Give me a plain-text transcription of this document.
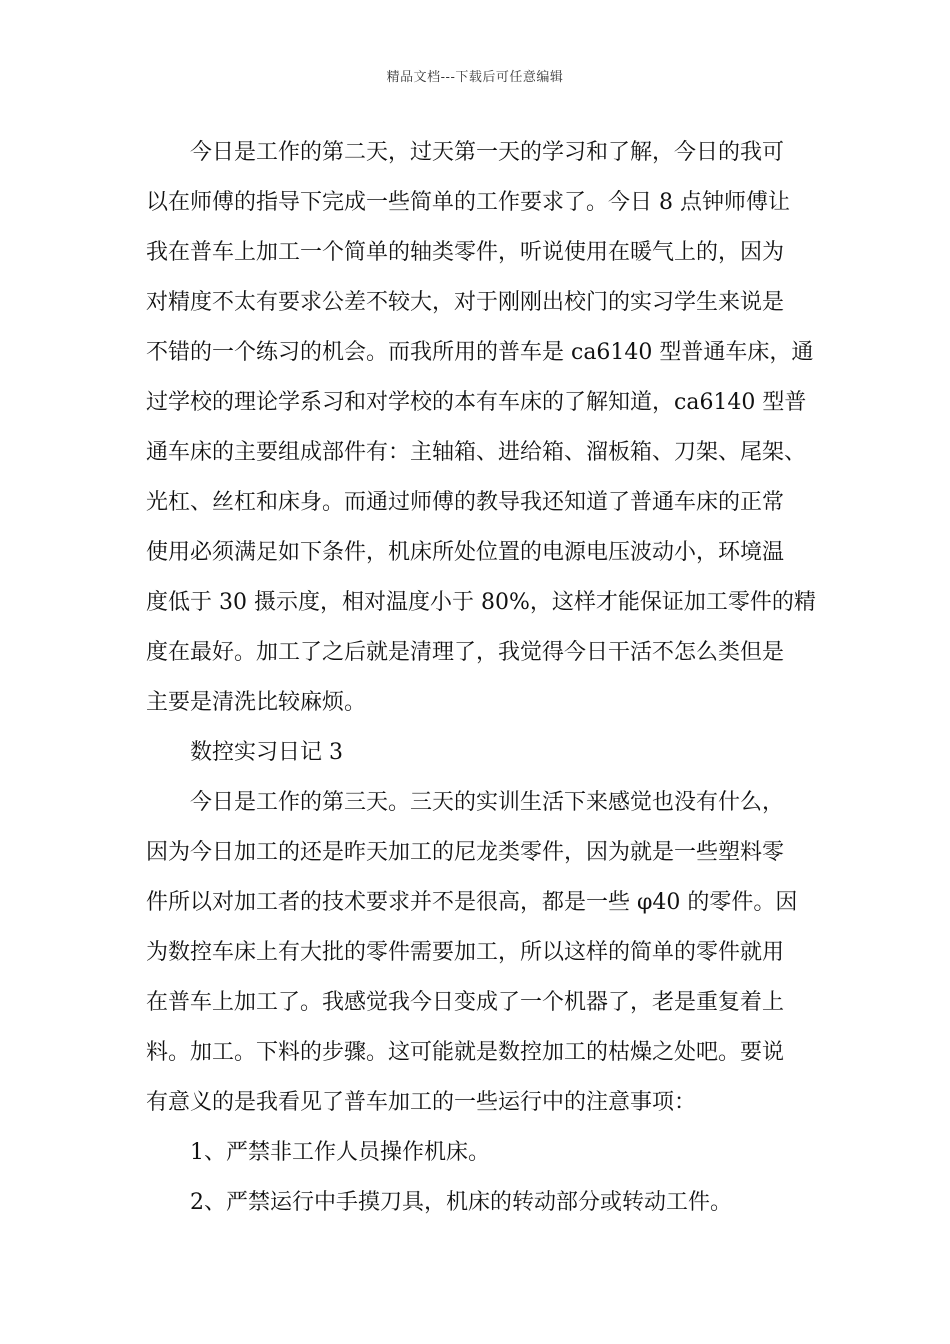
精品文档---下载后可任意编辑
今日是工作的第二天，过天第一天的学习和了解，今日的我可
以在师傅的指导下完成一些简单的工作要求了。今日 8 点钟师傅让
我在普车上加工一个简单的轴类零件，听说使用在暖气上的，因为
对精度不太有要求公差不较大，对于刚刚出校门的实习学生来说是
不错的一个练习的机会。而我所用的普车是 ca6140 型普通车床，通
过学校的理论学系习和对学校的本有车床的了解知道，ca6140 型普
通车床的主要组成部件有：主轴箱、进给箱、溜板箱、刀架、尾架、
光杠、丝杠和床身。而通过师傅的教导我还知道了普通车床的正常
使用必须满足如下条件，机床所处位置的电源电压波动小，环境温
度低于 30 摄示度，相对温度小于 80%，这样才能保证加工零件的精
度在最好。加工了之后就是清理了，我觉得今日干活不怎么类但是
主要是清洗比较麻烦。
数控实习日记 3
今日是工作的第三天。三天的实训生活下来感觉也没有什么，
因为今日加工的还是昨天加工的尼龙类零件，因为就是一些塑料零
件所以对加工者的技术要求并不是很高，都是一些 φ40 的零件。因
为数控车床上有大批的零件需要加工，所以这样的简单的零件就用
在普车上加工了。我感觉我今日变成了一个机器了，老是重复着上
料。加工。下料的步骤。这可能就是数控加工的枯燥之处吧。要说
有意义的是我看见了普车加工的一些运行中的注意事项：
1、严禁非工作人员操作机床。
2、严禁运行中手摸刀具，机床的转动部分或转动工件。
